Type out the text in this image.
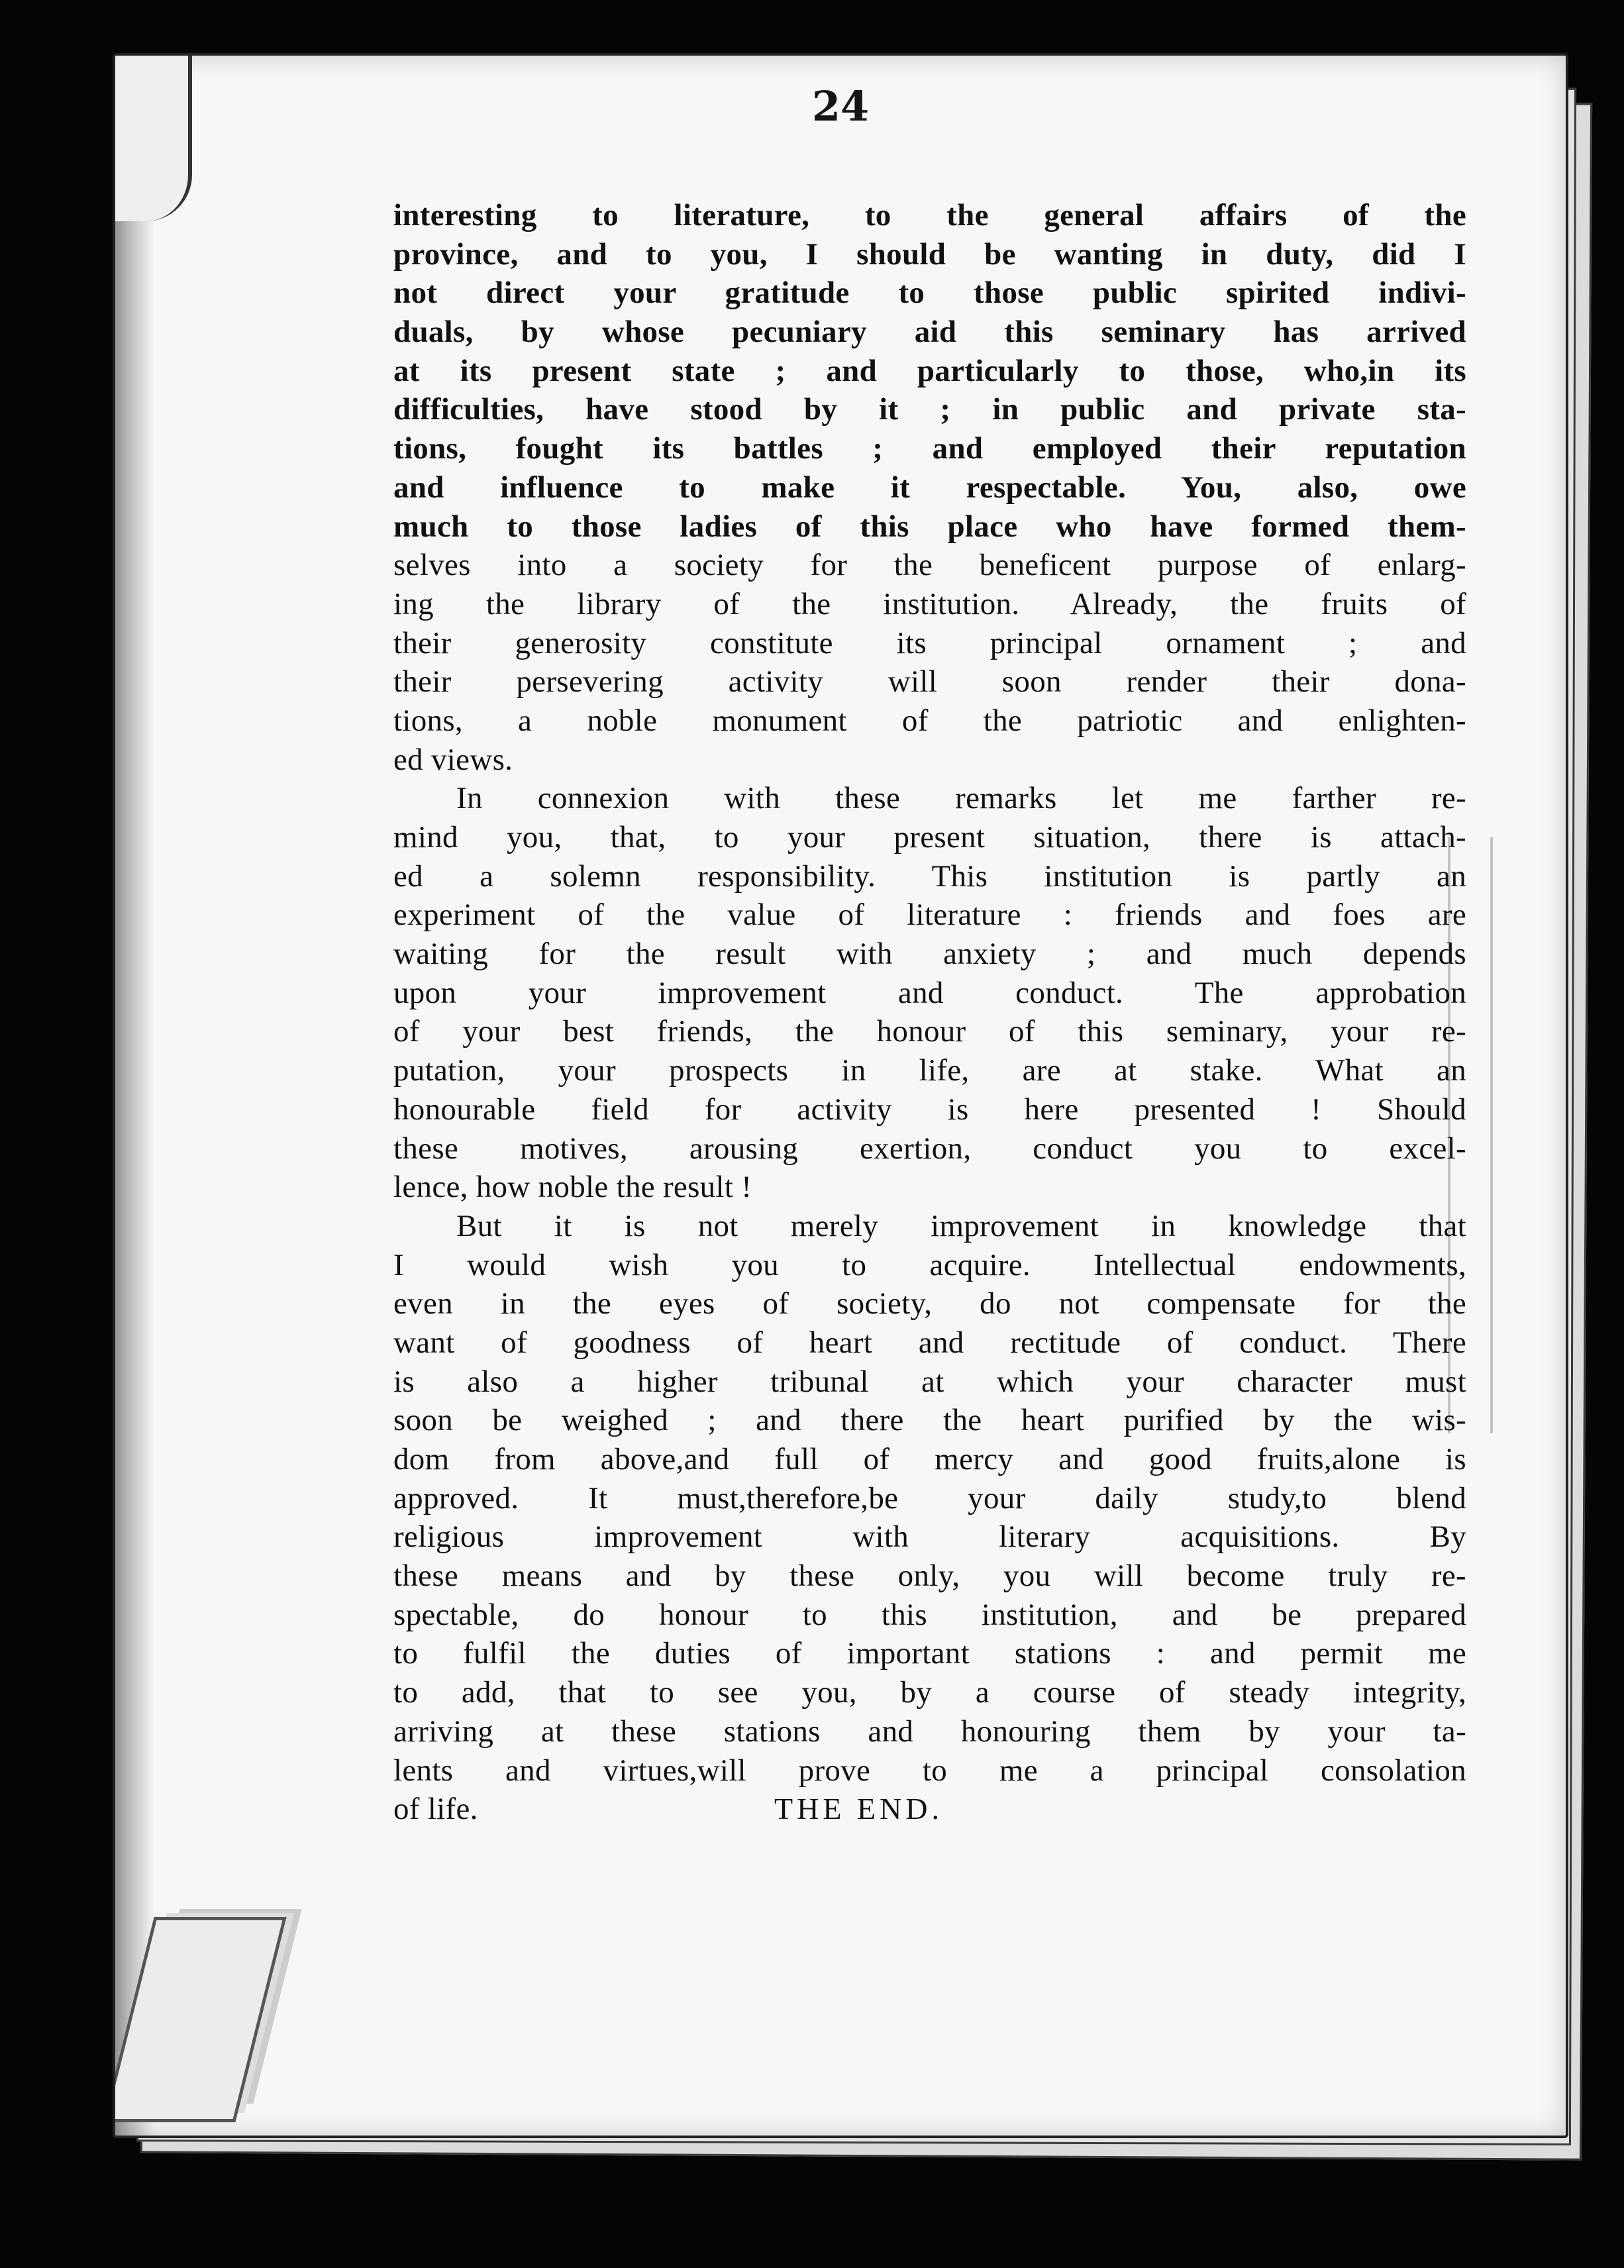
24
interesting to literature, to the general affairs of the
province, and to you, I should be wanting in duty, did I
not direct your gratitude to those public spirited indivi-
duals, by whose pecuniary aid this seminary has arrived
at its present state ; and particularly to those, who,in its
difficulties, have stood by it ; in public and private sta-
tions, fought its battles ; and employed their reputation
and influence to make it respectable. You, also, owe
much to those ladies of this place who have formed them-
selves into a society for the beneficent purpose of enlarg-
ing the library of the institution. Already, the fruits of
their generosity constitute its principal ornament ; and
their persevering activity will soon render their dona-
tions, a noble monument of the patriotic and enlighten-
ed views.
In connexion with these remarks let me farther re-
mind you, that, to your present situation, there is attach-
ed a solemn responsibility. This institution is partly an
experiment of the value of literature : friends and foes are
waiting for the result with anxiety ; and much depends
upon your improvement and conduct. The approbation
of your best friends, the honour of this seminary, your re-
putation, your prospects in life, are at stake. What an
honourable field for activity is here presented ! Should
these motives, arousing exertion, conduct you to excel-
lence, how noble the result !
But it is not merely improvement in knowledge that
I would wish you to acquire. Intellectual endowments,
even in the eyes of society, do not compensate for the
want of goodness of heart and rectitude of conduct. There
is also a higher tribunal at which your character must
soon be weighed ; and there the heart purified by the wis-
dom from above,and full of mercy and good fruits,alone is
approved. It must,therefore,be your daily study,to blend
religious improvement with literary acquisitions. By
these means and by these only, you will become truly re-
spectable, do honour to this institution, and be prepared
to fulfil the duties of important stations : and permit me
to add, that to see you, by a course of steady integrity,
arriving at these stations and honouring them by your ta-
lents and virtues,will prove to me a principal consolation
of life.	THE END.
